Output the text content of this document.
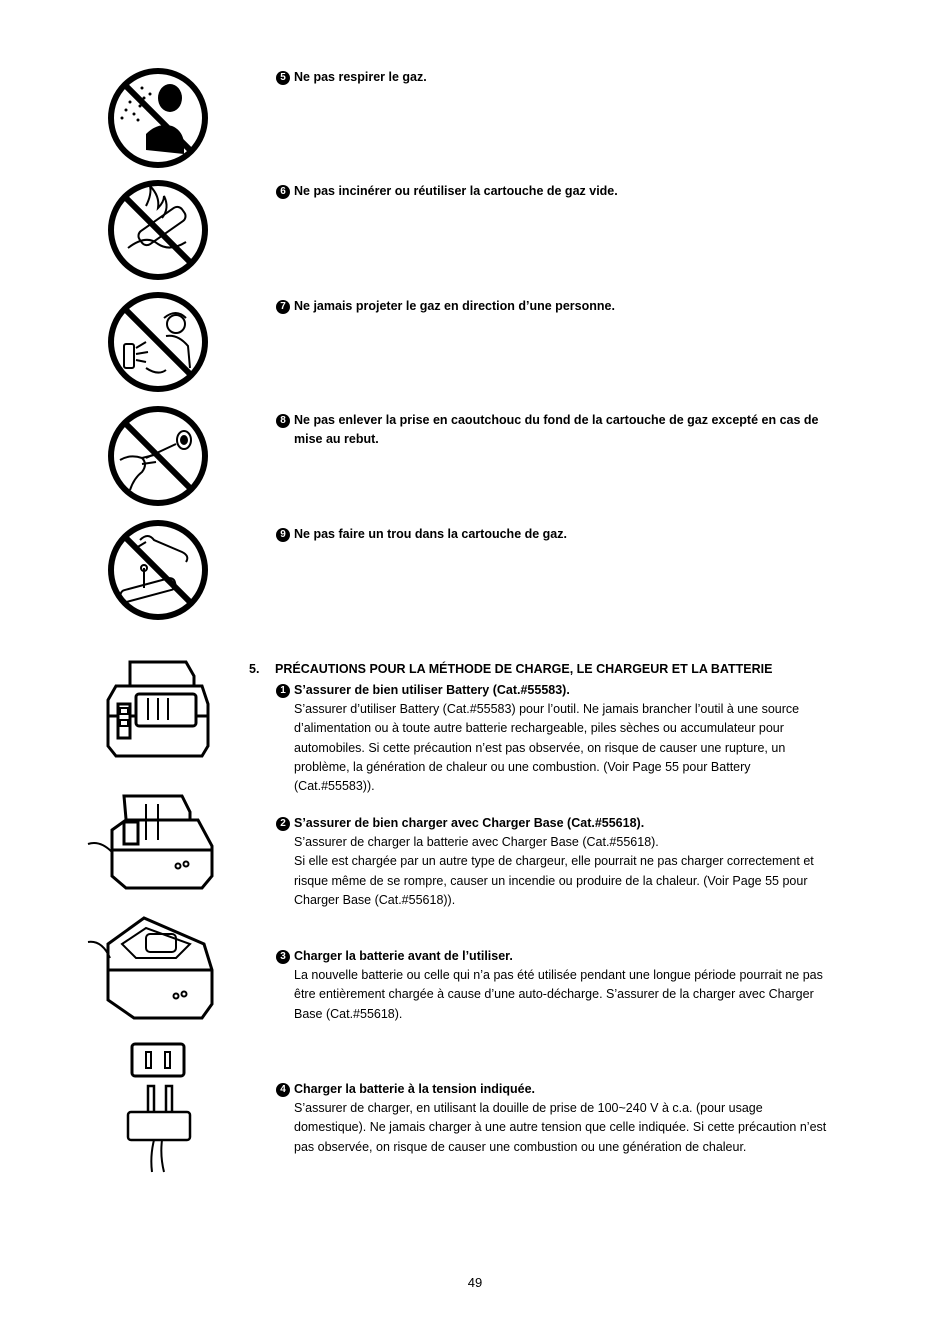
5 Ne pas respirer le gaz.
6 Ne pas incinérer ou réutiliser la cartouche de gaz vide.
7 Ne jamais projeter le gaz en direction d’une personne.
8 Ne pas enlever la prise en caoutchouc du fond de la cartouche de gaz excepté en cas de
mise au rebut.
9 Ne pas faire un trou dans la cartouche de gaz.
5. PRÉCAUTIONS POUR LA MÉTHODE DE CHARGE, LE CHARGEUR ET LA BATTERIE
1 S’assurer de bien utiliser Battery (Cat.#55583).
S’assurer d’utiliser Battery (Cat.#55583) pour l’outil. Ne jamais brancher l’outil à une source
d’alimentation ou à toute autre batterie rechargeable, piles sèches ou accumulateur pour
automobiles. Si cette précaution n’est pas observée, on risque de causer une rupture, un
problème, la génération de chaleur ou une combustion. (Voir Page 55 pour Battery
(Cat.#55583)).
2 S’assurer de bien charger avec Charger Base (Cat.#55618).
S’assurer de charger la batterie avec Charger Base (Cat.#55618).
Si elle est chargée par un autre type de chargeur, elle pourrait ne pas charger correctement et
risque même de se rompre, causer un incendie ou produire de la chaleur. (Voir Page 55 pour
Charger Base (Cat.#55618)).
3 Charger la batterie avant de l’utiliser.
La nouvelle batterie ou celle qui n’a pas été utilisée pendant une longue période pourrait ne pas
être entièrement chargée à cause d’une auto-décharge. S’assurer de la charger avec Charger
Base (Cat.#55618).
4 Charger la batterie à la tension indiquée.
S’assurer de charger, en utilisant la douille de prise de 100~240 V à c.a. (pour usage
domestique). Ne jamais charger à une autre tension que celle indiquée. Si cette précaution n’est
pas observée, on risque de causer une combustion ou une génération de chaleur.
49
